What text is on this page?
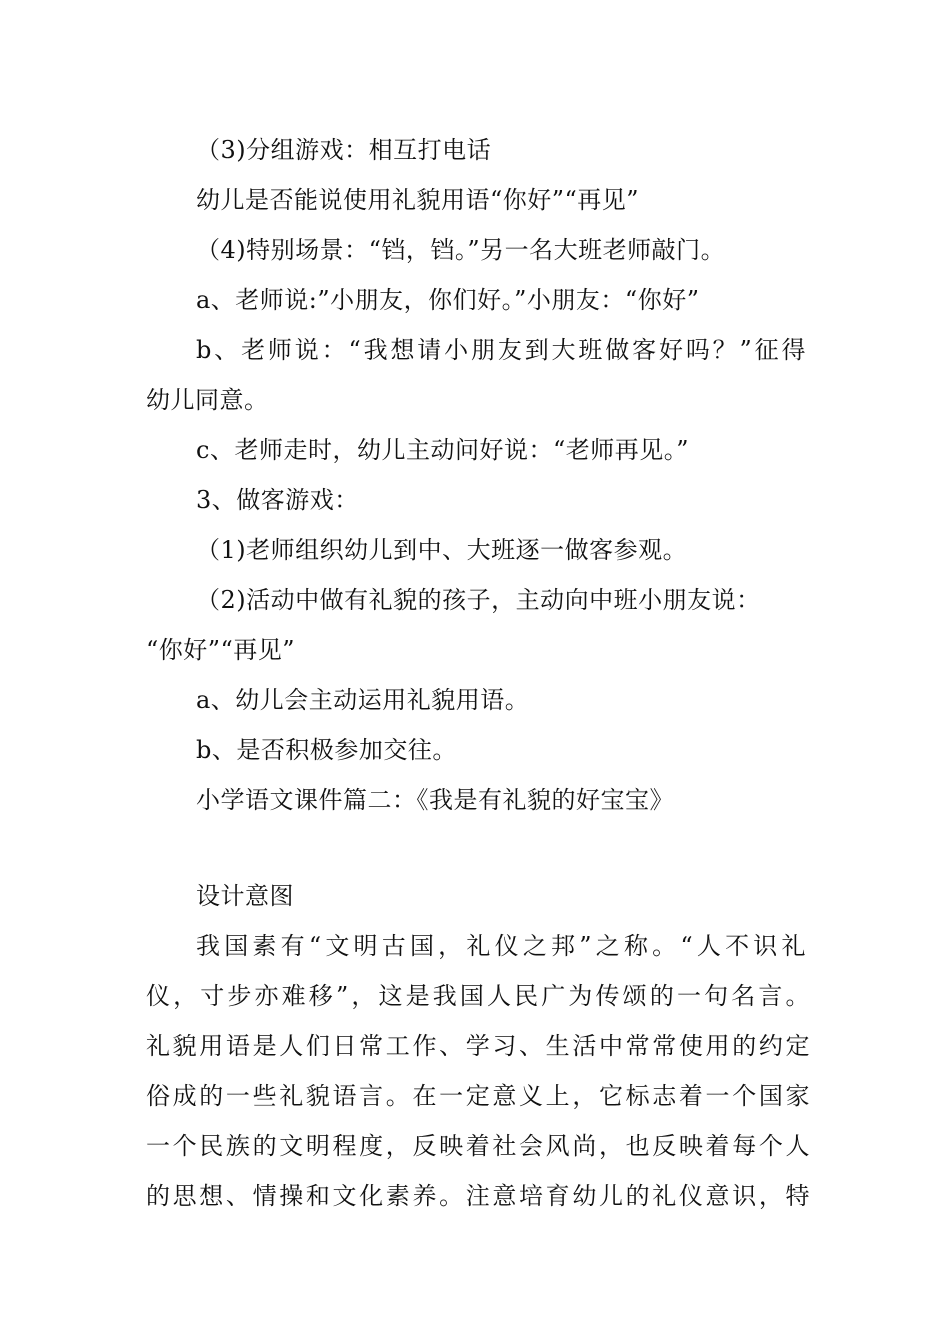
（3)分组游戏：相互打电话
幼儿是否能说使用礼貌用语“你好”“再见”
（4)特别场景：“铛，铛。”另一名大班老师敲门。
a、老师说:”小朋友，你们好。”小朋友：“你好”
b、老师说：“我想请小朋友到大班做客好吗？”征得
幼儿同意。
c、老师走时，幼儿主动问好说：“老师再见。”
3、做客游戏：
（1)老师组织幼儿到中、大班逐一做客参观。
（2)活动中做有礼貌的孩子，主动向中班小朋友说：
“你好”“再见”
a、幼儿会主动运用礼貌用语。
b、是否积极参加交往。
小学语文课件篇二：《我是有礼貌的好宝宝》
设计意图
我国素有“文明古国，礼仪之邦”之称。“人不识礼
仪，寸步亦难移”，这是我国人民广为传颂的一句名言。
礼貌用语是人们日常工作、学习、生活中常常使用的约定
俗成的一些礼貌语言。在一定意义上，它标志着一个国家
一个民族的文明程度，反映着社会风尚，也反映着每个人
的思想、情操和文化素养。注意培育幼儿的礼仪意识，特
